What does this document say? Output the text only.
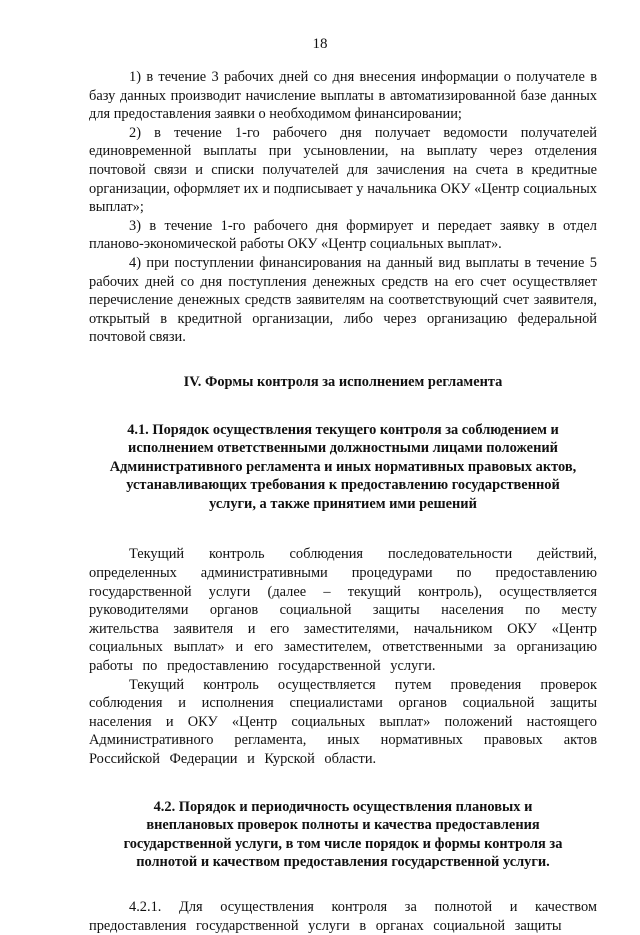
18

1) в течение 3 рабочих дней со дня внесения информации о получателе в базу данных производит начисление выплаты в автоматизированной базе данных для предоставления заявки о необходимом финансировании;

2) в течение 1-го рабочего дня получает ведомости получателей единовременной выплаты при усыновлении, на выплату через отделения почтовой связи и списки получателей для зачисления на счета в кредитные организации, оформляет их и подписывает у начальника ОКУ «Центр социальных выплат»;

3) в течение 1-го рабочего дня формирует и передает заявку в отдел планово-экономической работы ОКУ «Центр социальных выплат».

4) при поступлении финансирования на данный вид выплаты в течение 5 рабочих дней со дня поступления денежных средств на его счет осуществляет перечисление денежных средств заявителям на соответствующий счет заявителя, открытый в кредитной организации, либо через организацию федеральной почтовой связи.

IV. Формы контроля за исполнением регламента
4.1. Порядок осуществления текущего контроля за соблюдением и
исполнением ответственными должностными лицами положений
Административного регламента и иных нормативных правовых актов,
устанавливающих требования к предоставлению государственной
услуги, а также принятием ими решений

Текущий контроль соблюдения последовательности действий, определенных административными процедурами по предоставлению государственной услуги (далее – текущий контроль), осуществляется руководителями органов социальной защиты населения по месту жительства заявителя и его заместителями, начальником ОКУ «Центр социальных выплат» и его заместителем, ответственными за организацию работы по предоставлению государственной услуги.

Текущий контроль осуществляется путем проведения проверок соблюдения и исполнения специалистами органов социальной защиты населения и ОКУ «Центр социальных выплат» положений настоящего Административного регламента, иных нормативных правовых актов Российской Федерации и Курской области.

4.2. Порядок и периодичность осуществления плановых и
внеплановых проверок полноты и качества предоставления
государственной услуги, в том числе порядок и формы контроля за
полнотой и качеством предоставления государственной услуги.

4.2.1. Для осуществления контроля за полнотой и качеством предоставления государственной услуги в органах социальной защиты
